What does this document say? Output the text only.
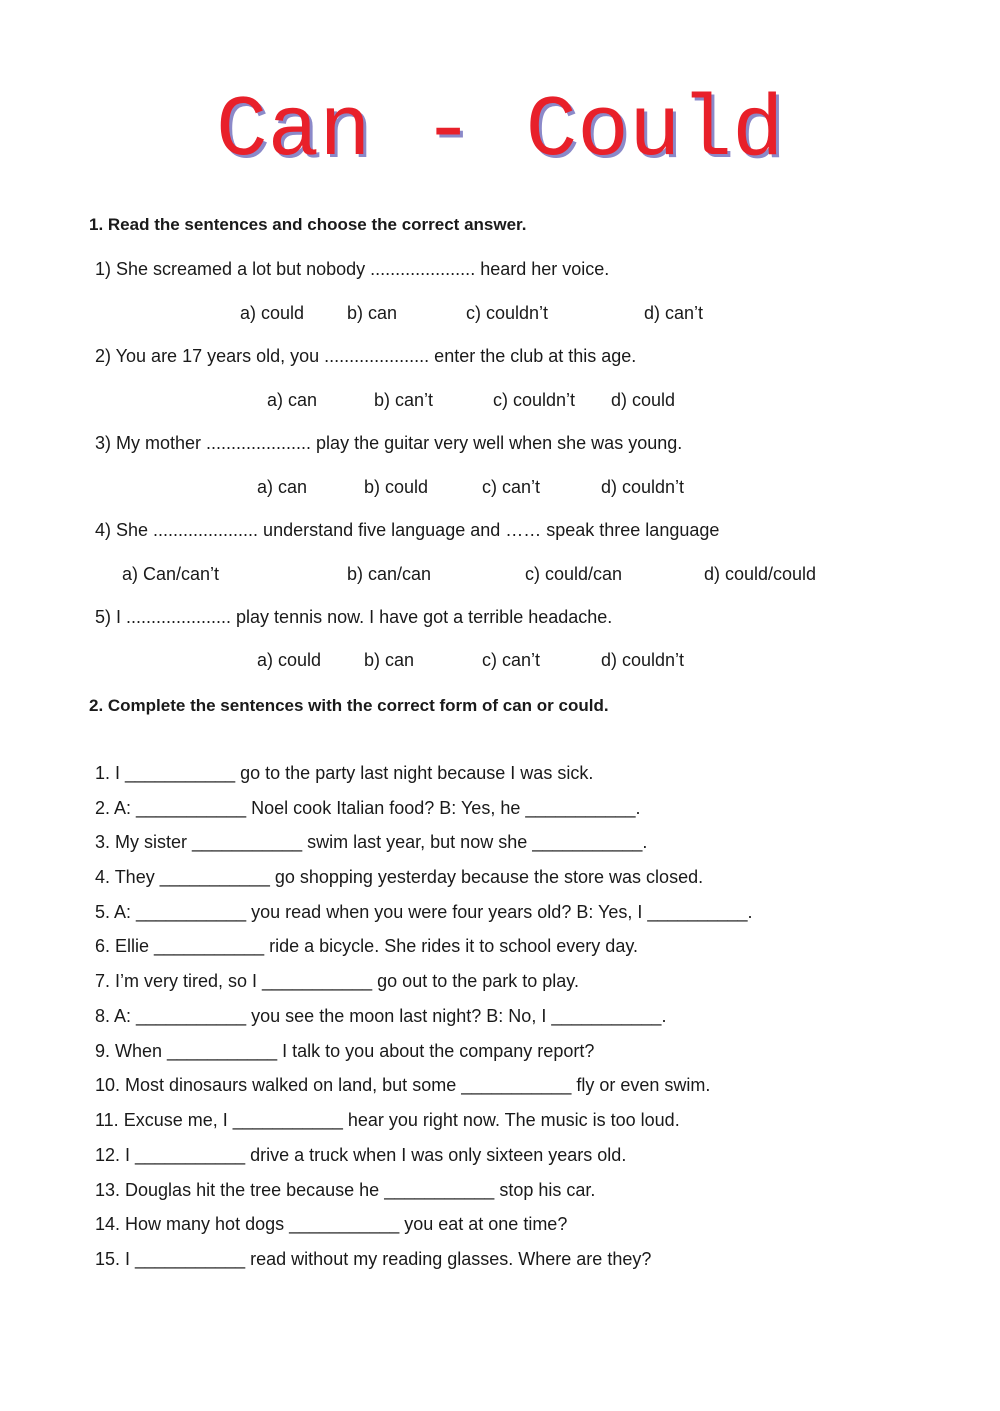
Can - Could
1. Read the sentences and choose the correct answer.
1) She screamed a lot but nobody ..................... heard her voice.
a) could b) can	c) couldn’t	d) can’t
2) You are 17 years old, you ..................... enter the club at this age.
a) can	b) can’t	c) couldn’t d) could
3) My mother ..................... play the guitar very well when she was young.
a) can	b) could	c) can’t	d) couldn’t
4) She ..................... understand five language and …… speak three language
a) Can/can’t	b) can/can	c) could/can	d) could/could
5) I ..................... play tennis now. I have got a terrible headache.
a) could b) can	c) can’t	d) couldn’t
2. Complete the sentences with the correct form of can or could.
1. I ___________ go to the party last night because I was sick.
2. A: ___________ Noel cook Italian food? B: Yes, he ___________.
3. My sister ___________ swim last year, but now she ___________.
4. They ___________ go shopping yesterday because the store was closed.
5. A: ___________ you read when you were four years old? B: Yes, I __________.
6. Ellie ___________ ride a bicycle. She rides it to school every day.
7. I’m very tired, so I ___________ go out to the park to play.
8. A: ___________ you see the moon last night? B: No, I ___________.
9. When ___________ I talk to you about the company report?
10. Most dinosaurs walked on land, but some ___________ fly or even swim.
11. Excuse me, I ___________ hear you right now. The music is too loud.
12. I ___________ drive a truck when I was only sixteen years old.
13. Douglas hit the tree because he ___________ stop his car.
14. How many hot dogs ___________ you eat at one time?
15. I ___________ read without my reading glasses. Where are they?
